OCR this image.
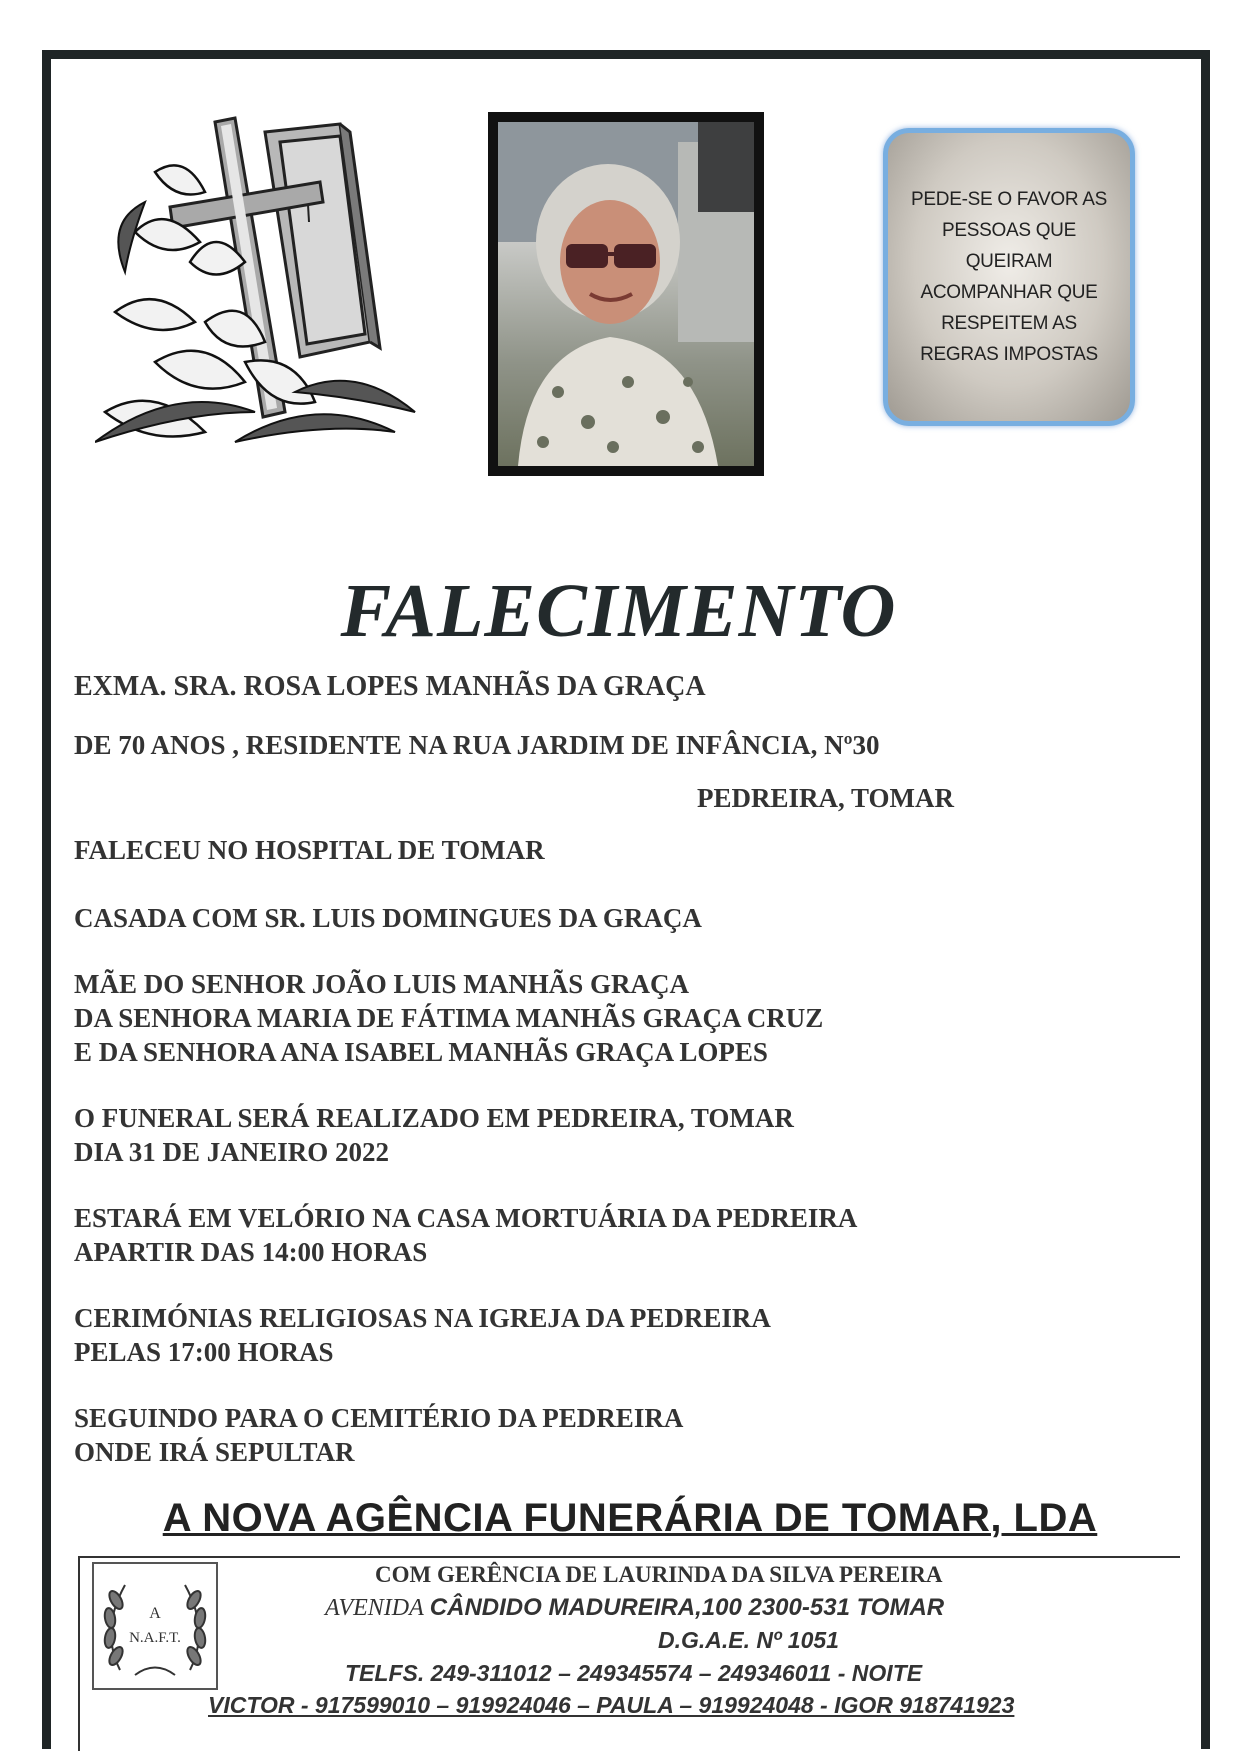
PEDE-SE O FAVOR AS
PESSOAS QUE
QUEIRAM
ACOMPANHAR QUE
RESPEITEM AS
REGRAS IMPOSTAS
FALECIMENTO
EXMA. SRA. ROSA LOPES MANHÃS DA GRAÇA
DE 70 ANOS , RESIDENTE NA RUA JARDIM DE INFÂNCIA, Nº30
PEDREIRA, TOMAR
FALECEU NO HOSPITAL DE TOMAR
CASADA COM SR. LUIS DOMINGUES DA GRAÇA
MÃE DO SENHOR JOÃO LUIS MANHÃS GRAÇA
DA SENHORA MARIA DE FÁTIMA MANHÃS GRAÇA CRUZ
E DA SENHORA ANA ISABEL MANHÃS GRAÇA LOPES
O FUNERAL SERÁ REALIZADO EM PEDREIRA, TOMAR
DIA 31 DE JANEIRO 2022
ESTARÁ EM VELÓRIO NA CASA MORTUÁRIA DA PEDREIRA
APARTIR DAS 14:00 HORAS
CERIMÓNIAS RELIGIOSAS NA IGREJA DA PEDREIRA
PELAS 17:00 HORAS
SEGUINDO PARA O CEMITÉRIO DA PEDREIRA
ONDE IRÁ SEPULTAR
A NOVA AGÊNCIA FUNERÁRIA DE TOMAR, LDA
A
N.A.F.T.
COM GERÊNCIA DE LAURINDA DA SILVA PEREIRA
AVENIDA CÂNDIDO MADUREIRA,100 2300-531 TOMAR
D.G.A.E. Nº 1051
TELFS. 249-311012 – 249345574 – 249346011 - NOITE
VICTOR - 917599010 – 919924046 – PAULA – 919924048 - IGOR 918741923
